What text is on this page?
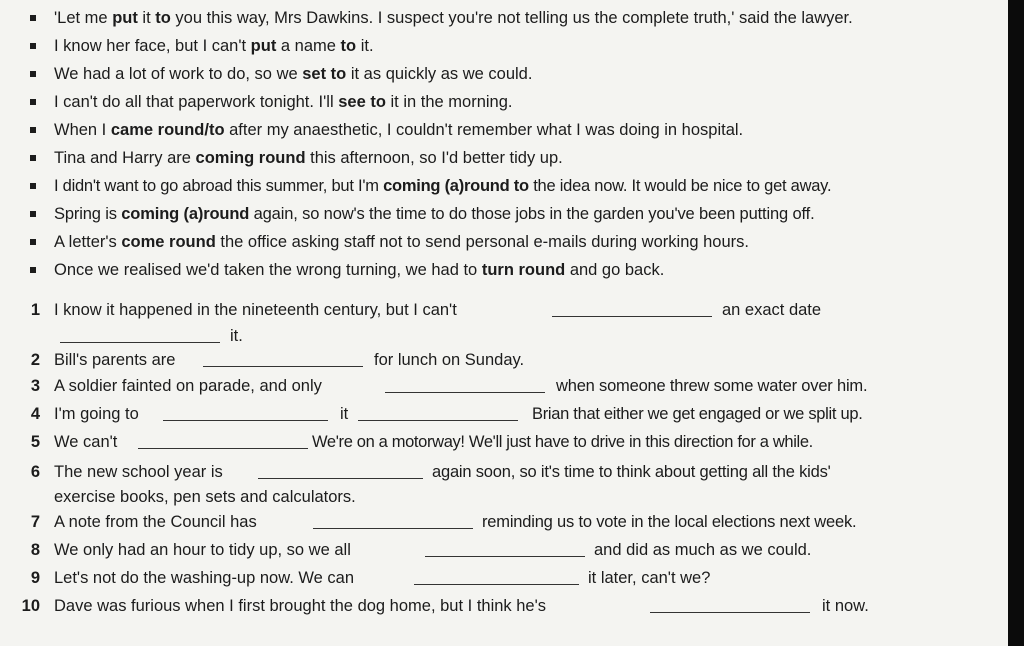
'Let me put it to you this way, Mrs Dawkins. I suspect you're not telling us the complete truth,' said the lawyer.
I know her face, but I can't put a name to it.
We had a lot of work to do, so we set to it as quickly as we could.
I can't do all that paperwork tonight. I'll see to it in the morning.
When I came round/to after my anaesthetic, I couldn't remember what I was doing in hospital.
Tina and Harry are coming round this afternoon, so I'd better tidy up.
I didn't want to go abroad this summer, but I'm coming (a)round to the idea now. It would be nice to get away.
Spring is coming (a)round again, so now's the time to do those jobs in the garden you've been putting off.
A letter's come round the office asking staff not to send personal e-mails during working hours.
Once we realised we'd taken the wrong turning, we had to turn round and go back.
1 I know it happened in the nineteenth century, but I can't	an exact date
it.
2 Bill's parents are	for lunch on Sunday.
3 A soldier fainted on parade, and only	when someone threw some water over him.
4 I'm going to	it	Brian that either we get engaged or we split up.
5 We can't	We're on a motorway! We'll just have to drive in this direction for a while.
6 The new school year is	again soon, so it's time to think about getting all the kids'
exercise books, pen sets and calculators.
7 A note from the Council has	reminding us to vote in the local elections next week.
8 We only had an hour to tidy up, so we all	and did as much as we could.
9 Let's not do the washing-up now. We can	it later, can't we?
10 Dave was furious when I first brought the dog home, but I think he's	it now.
